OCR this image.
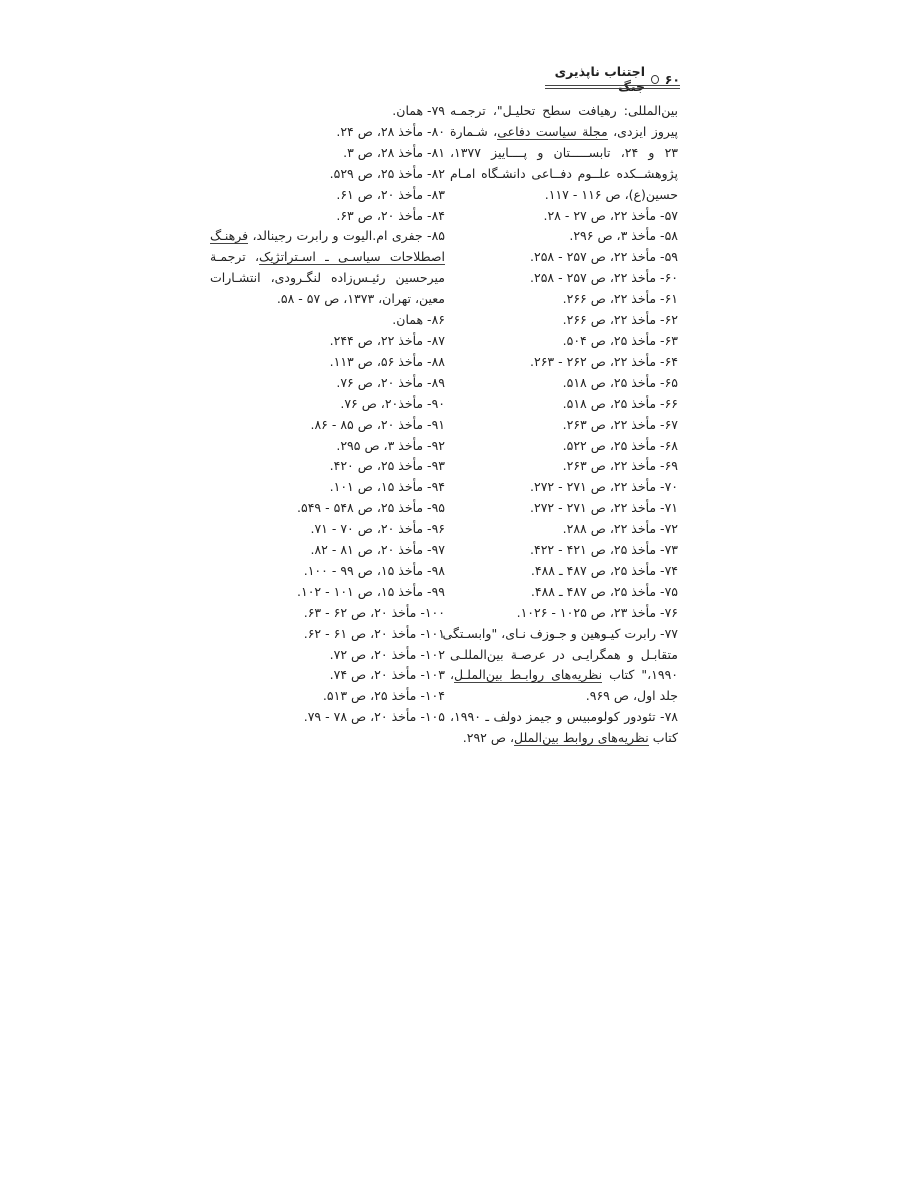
۶۰
اجتناب ناپذیری جنگ
بین‌المللی: رهیافت سطح تحلیـل"، ترجمـه
پیروز ایزدی، مجلة سیاست دفاعی، شـمارة
۲۳ و ۲۴، تابســـــتان و پــــاییز ۱۳۷۷،
پژوهشــکده علــوم دفــاعی دانشـگاه امـام
حسین(ع)، ص ۱۱۶ - ۱۱۷.
۵۷- مأخذ ۲۲، ص ۲۷ - ۲۸.
۵۸- مأخذ ۳، ص ۲۹۶.
۵۹- مأخذ ۲۲، ص ۲۵۷ - ۲۵۸.
۶۰- مأخذ ۲۲، ص ۲۵۷ - ۲۵۸.
۶۱- مأخذ ۲۲، ص ۲۶۶.
۶۲- مأخذ ۲۲، ص ۲۶۶.
۶۳- مأخذ ۲۵، ص ۵۰۴.
۶۴- مأخذ ۲۲، ص ۲۶۲ - ۲۶۳.
۶۵- مأخذ ۲۵، ص ۵۱۸.
۶۶- مأخذ ۲۵، ص ۵۱۸.
۶۷- مأخذ ۲۲، ص ۲۶۳.
۶۸- مأخذ ۲۵، ص ۵۲۲.
۶۹- مأخذ ۲۲، ص ۲۶۳.
۷۰- مأخذ ۲۲، ص ۲۷۱ - ۲۷۲.
۷۱- مأخذ ۲۲، ص ۲۷۱ - ۲۷۲.
۷۲- مأخذ ۲۲، ص ۲۸۸.
۷۳- مأخذ ۲۵، ص ۴۲۱ - ۴۲۲.
۷۴- مأخذ ۲۵، ص ۴۸۷ ـ ۴۸۸.
۷۵- مأخذ ۲۵، ص ۴۸۷ ـ ۴۸۸.
۷۶- مأخذ ۲۳، ص ۱۰۲۵ - ۱۰۲۶.
۷۷- رابرت کیـوهین و جـوزف نـای، "وابسـتگی
متقابـل و همگرایـی در عرصـة بین‌المللـی
۱۹۹۰،" کتاب نظریه‌های روابـط بین‌الملـل،
جلد اول، ص ۹۶۹.
۷۸- تئودور کولومبیس و جیمز دولف ـ ۱۹۹۰،
کتاب نظریه‌های روابط بین‌الملل، ص ۲۹۲.
۷۹- همان.
۸۰- مأخذ ۲۸، ص ۲۴.
۸۱- مأخذ ۲۸، ص ۳.
۸۲- مأخذ ۲۵، ص ۵۲۹.
۸۳- مأخذ ۲۰، ص ۶۱.
۸۴- مأخذ ۲۰، ص ۶۳.
۸۵- جفری ام.الیوت و رابرت رجینالد، فرهنـگ
اصطلاحات سیاسـی ـ اسـتراتژیک، ترجمـة
میرحسین رئیـس‌زاده لنگـرودی، انتشـارات
معین، تهران، ۱۳۷۳، ص ۵۷ - ۵۸.
۸۶- همان.
۸۷- مأخذ ۲۲، ص ۲۴۴.
۸۸- مأخذ ۵۶، ص ۱۱۳.
۸۹- مأخذ ۲۰، ص ۷۶.
۹۰- مأخذ۲۰، ص ۷۶.
۹۱- مأخذ ۲۰، ص ۸۵ - ۸۶.
۹۲- مأخذ ۳، ص ۲۹۵.
۹۳- مأخذ ۲۵، ص ۴۲۰.
۹۴- مأخذ ۱۵، ص ۱۰۱.
۹۵- مأخذ ۲۵، ص ۵۴۸ - ۵۴۹.
۹۶- مأخذ ۲۰، ص ۷۰ - ۷۱.
۹۷- مأخذ ۲۰، ص ۸۱ - ۸۲.
۹۸- مأخذ ۱۵، ص ۹۹ - ۱۰۰.
۹۹- مأخذ ۱۵، ص ۱۰۱ - ۱۰۲.
۱۰۰- مأخذ ۲۰، ص ۶۲ - ۶۳.
۱۰۱- مأخذ ۲۰، ص ۶۱ - ۶۲.
۱۰۲- مأخذ ۲۰، ص ۷۲.
۱۰۳- مأخذ ۲۰، ص ۷۴.
۱۰۴- مأخذ ۲۵، ص ۵۱۳.
۱۰۵- مأخذ ۲۰، ص ۷۸ - ۷۹.
